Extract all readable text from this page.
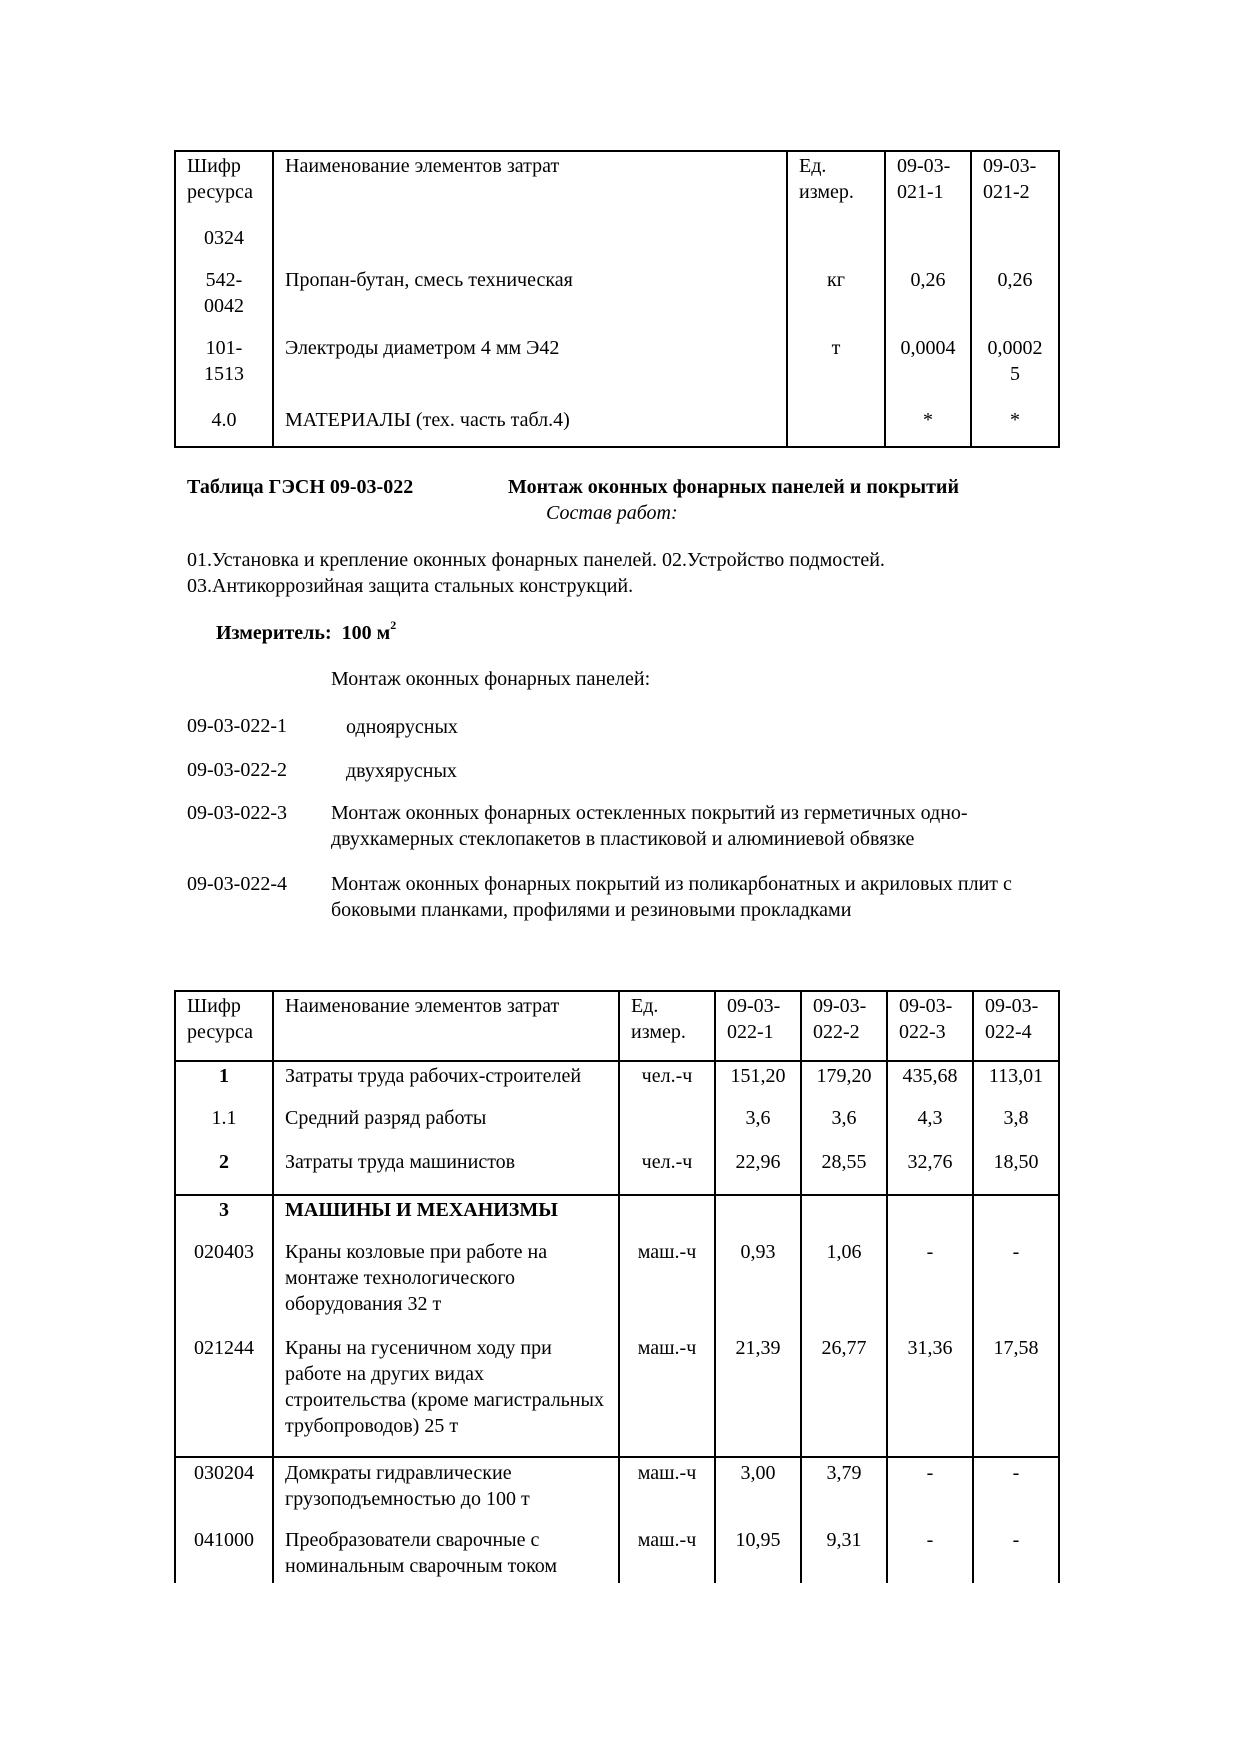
Шифр ресурса	Наименование элементов затрат	Ед. измер.	09-03-021-1	09-03-021-2
0324				
542-0042	Пропан-бутан, смесь техническая	кг	0,26	0,26
101-1513	Электроды диаметром 4 мм Э42	т	0,0004	0,00025
4.0	МАТЕРИАЛЫ (тех. часть табл.4)		*	*
Таблица ГЭСН 09-03-022	Монтаж оконных фонарных панелей и покрытий
Состав работ:
01.Установка и крепление оконных фонарных панелей. 02.Устройство подмостей. 03.Антикоррозийная защита стальных конструкций.
Измеритель: 100 $м^2$
Монтаж оконных фонарных панелей:
09-03-022-1	одноярусных
09-03-022-2	двухярусных
09-03-022-3 Монтаж оконных фонарных остекленных покрытий из герметичных одно-двухкамерных стеклопакетов в пластиковой и алюминиевой обвязке
09-03-022-4 Монтаж оконных фонарных покрытий из поликарбонатных и акриловых плит с боковыми планками, профилями и резиновыми прокладками
Шифр ресурса	Наименование элементов затрат	Ед. измер.	09-03-022-1	09-03-022-2	09-03-022-3	09-03-022-4
1	Затраты труда рабочих-строителей	чел.-ч	151,20	179,20	435,68	113,01
1.1	Средний разряд работы		3,6	3,6	4,3	3,8
2	Затраты труда машинистов	чел.-ч	22,96	28,55	32,76	18,50
3	МАШИНЫ И МЕХАНИЗМЫ					
020403	Краны козловые при работе на монтаже технологического оборудования 32 т	маш.-ч	0,93	1,06	-	-
021244	Краны на гусеничном ходу при работе на других видах строительства (кроме магистральных трубопроводов) 25 т	маш.-ч	21,39	26,77	31,36	17,58
030204	Домкраты гидравлические грузоподъемностью до 100 т	маш.-ч	3,00	3,79	-	-
041000	Преобразователи сварочные с номинальным сварочным током	маш.-ч	10,95	9,31	-	-
